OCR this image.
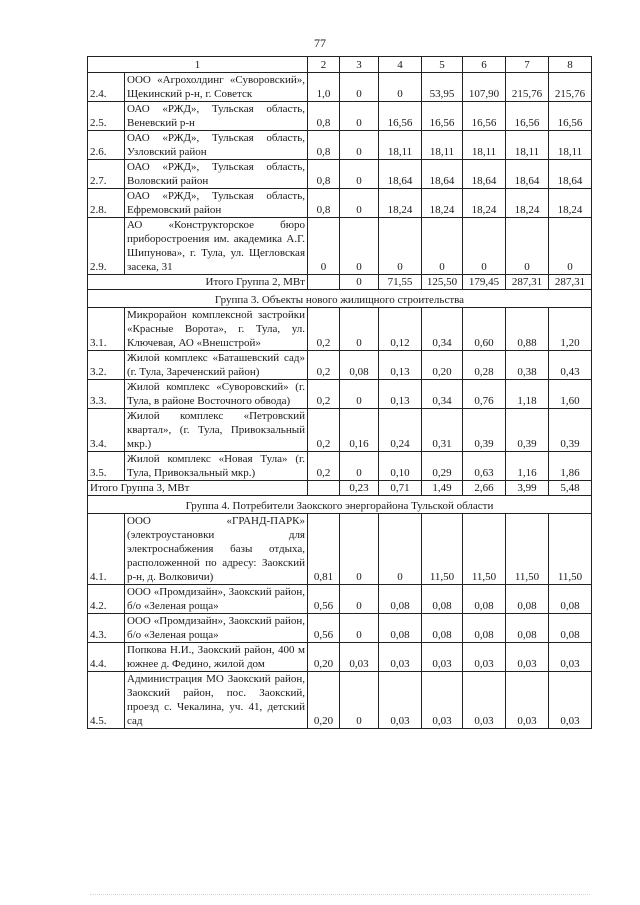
77
1		2	3	4	5	6	7	8
2.4.	ООО «Агрохолдинг «Суворовский», Щекинский р-н, г. Советск	1,0	0	0	53,95	107,90	215,76	215,76
2.5.	ОАО «РЖД», Тульская область, Веневский р-н	0,8	0	16,56	16,56	16,56	16,56	16,56
2.6.	ОАО «РЖД», Тульская область, Узловский район	0,8	0	18,11	18,11	18,11	18,11	18,11
2.7.	ОАО «РЖД», Тульская область, Воловский район	0,8	0	18,64	18,64	18,64	18,64	18,64
2.8.	ОАО «РЖД», Тульская область, Ефремовский район	0,8	0	18,24	18,24	18,24	18,24	18,24
2.9.	АО «Конструкторское бюро приборостроения им. академика А.Г. Шипунова», г. Тула, ул. Щегловская засека, 31	0	0	0	0	0	0	0
Итого Группа 2, МВт			0	71,55	125,50	179,45	287,31	287,31
Группа 3. Объекты нового жилищного строительства								
3.1.	Микрорайон комплексной застройки «Красные Ворота», г. Тула, ул. Ключевая, АО «Внешстрой»	0,2	0	0,12	0,34	0,60	0,88	1,20
3.2.	Жилой комплекс «Баташевский сад» (г. Тула, Зареченский район)	0,2	0,08	0,13	0,20	0,28	0,38	0,43
3.3.	Жилой комплекс «Суворовский» (г. Тула, в районе Восточного обвода)	0,2	0	0,13	0,34	0,76	1,18	1,60
3.4.	Жилой комплекс «Петровский квартал», (г. Тула, Привокзальный мкр.)	0,2	0,16	0,24	0,31	0,39	0,39	0,39
3.5.	Жилой комплекс «Новая Тула» (г. Тула, Привокзальный мкр.)	0,2	0	0,10	0,29	0,63	1,16	1,86
Итого Группа 3, МВт			0,23	0,71	1,49	2,66	3,99	5,48
Группа 4. Потребители Заокского энергорайона Тульской области								
4.1.	ООО «ГРАНД-ПАРК» (электроустановки для электроснабжения базы отдыха, расположенной по адресу: Заокский р-н, д. Волковичи)	0,81	0	0	11,50	11,50	11,50	11,50
4.2.	ООО «Промдизайн», Заокский район, б/о «Зеленая роща»	0,56	0	0,08	0,08	0,08	0,08	0,08
4.3.	ООО «Промдизайн», Заокский район, б/о «Зеленая роща»	0,56	0	0,08	0,08	0,08	0,08	0,08
4.4.	Попкова Н.И., Заокский район, 400 м южнее д. Федино, жилой дом	0,20	0,03	0,03	0,03	0,03	0,03	0,03
4.5.	Администрация МО Заокский район, Заокский район, пос. Заокский, проезд с. Чекалина, уч. 41, детский сад	0,20	0	0,03	0,03	0,03	0,03	0,03
